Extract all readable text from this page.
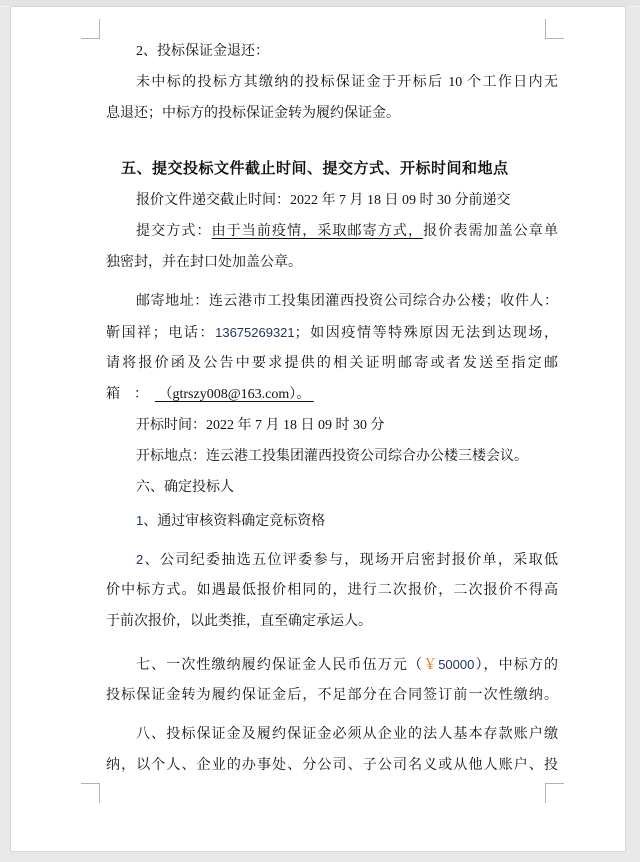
2、投标保证金退还：
未中标的投标方其缴纳的投标保证金于开标后 10 个工作日内无
息退还；中标方的投标保证金转为履约保证金。
五、提交投标文件截止时间、提交方式、开标时间和地点
报价文件递交截止时间：2022 年 7 月 18 日 09 时 30 分前递交
提交方式：由于当前疫情，采取邮寄方式，报价表需加盖公章单
独密封，并在封口处加盖公章。
邮寄地址：连云港市工投集团灌西投资公司综合办公楼；收件人：
靳国祥；电话：13675269321；如因疫情等特殊原因无法到达现场，
请将报价函及公告中要求提供的相关证明邮寄或者发送至指定邮
箱　：　 （gtrszy008@163.com）。
开标时间：2022 年 7 月 18 日 09 时 30 分
开标地点：连云港工投集团灌西投资公司综合办公楼三楼会议。
六、确定投标人
1、通过审核资料确定竞标资格
2、公司纪委抽选五位评委参与，现场开启密封报价单，采取低
价中标方式。如遇最低报价相同的，进行二次报价，二次报价不得高
于前次报价，以此类推，直至确定承运人。
七、一次性缴纳履约保证金人民币伍万元（￥50000），中标方的
投标保证金转为履约保证金后，不足部分在合同签订前一次性缴纳。
八、投标保证金及履约保证金必须从企业的法人基本存款账户缴
纳，以个人、企业的办事处、分公司、子公司名义或从他人账户、投
